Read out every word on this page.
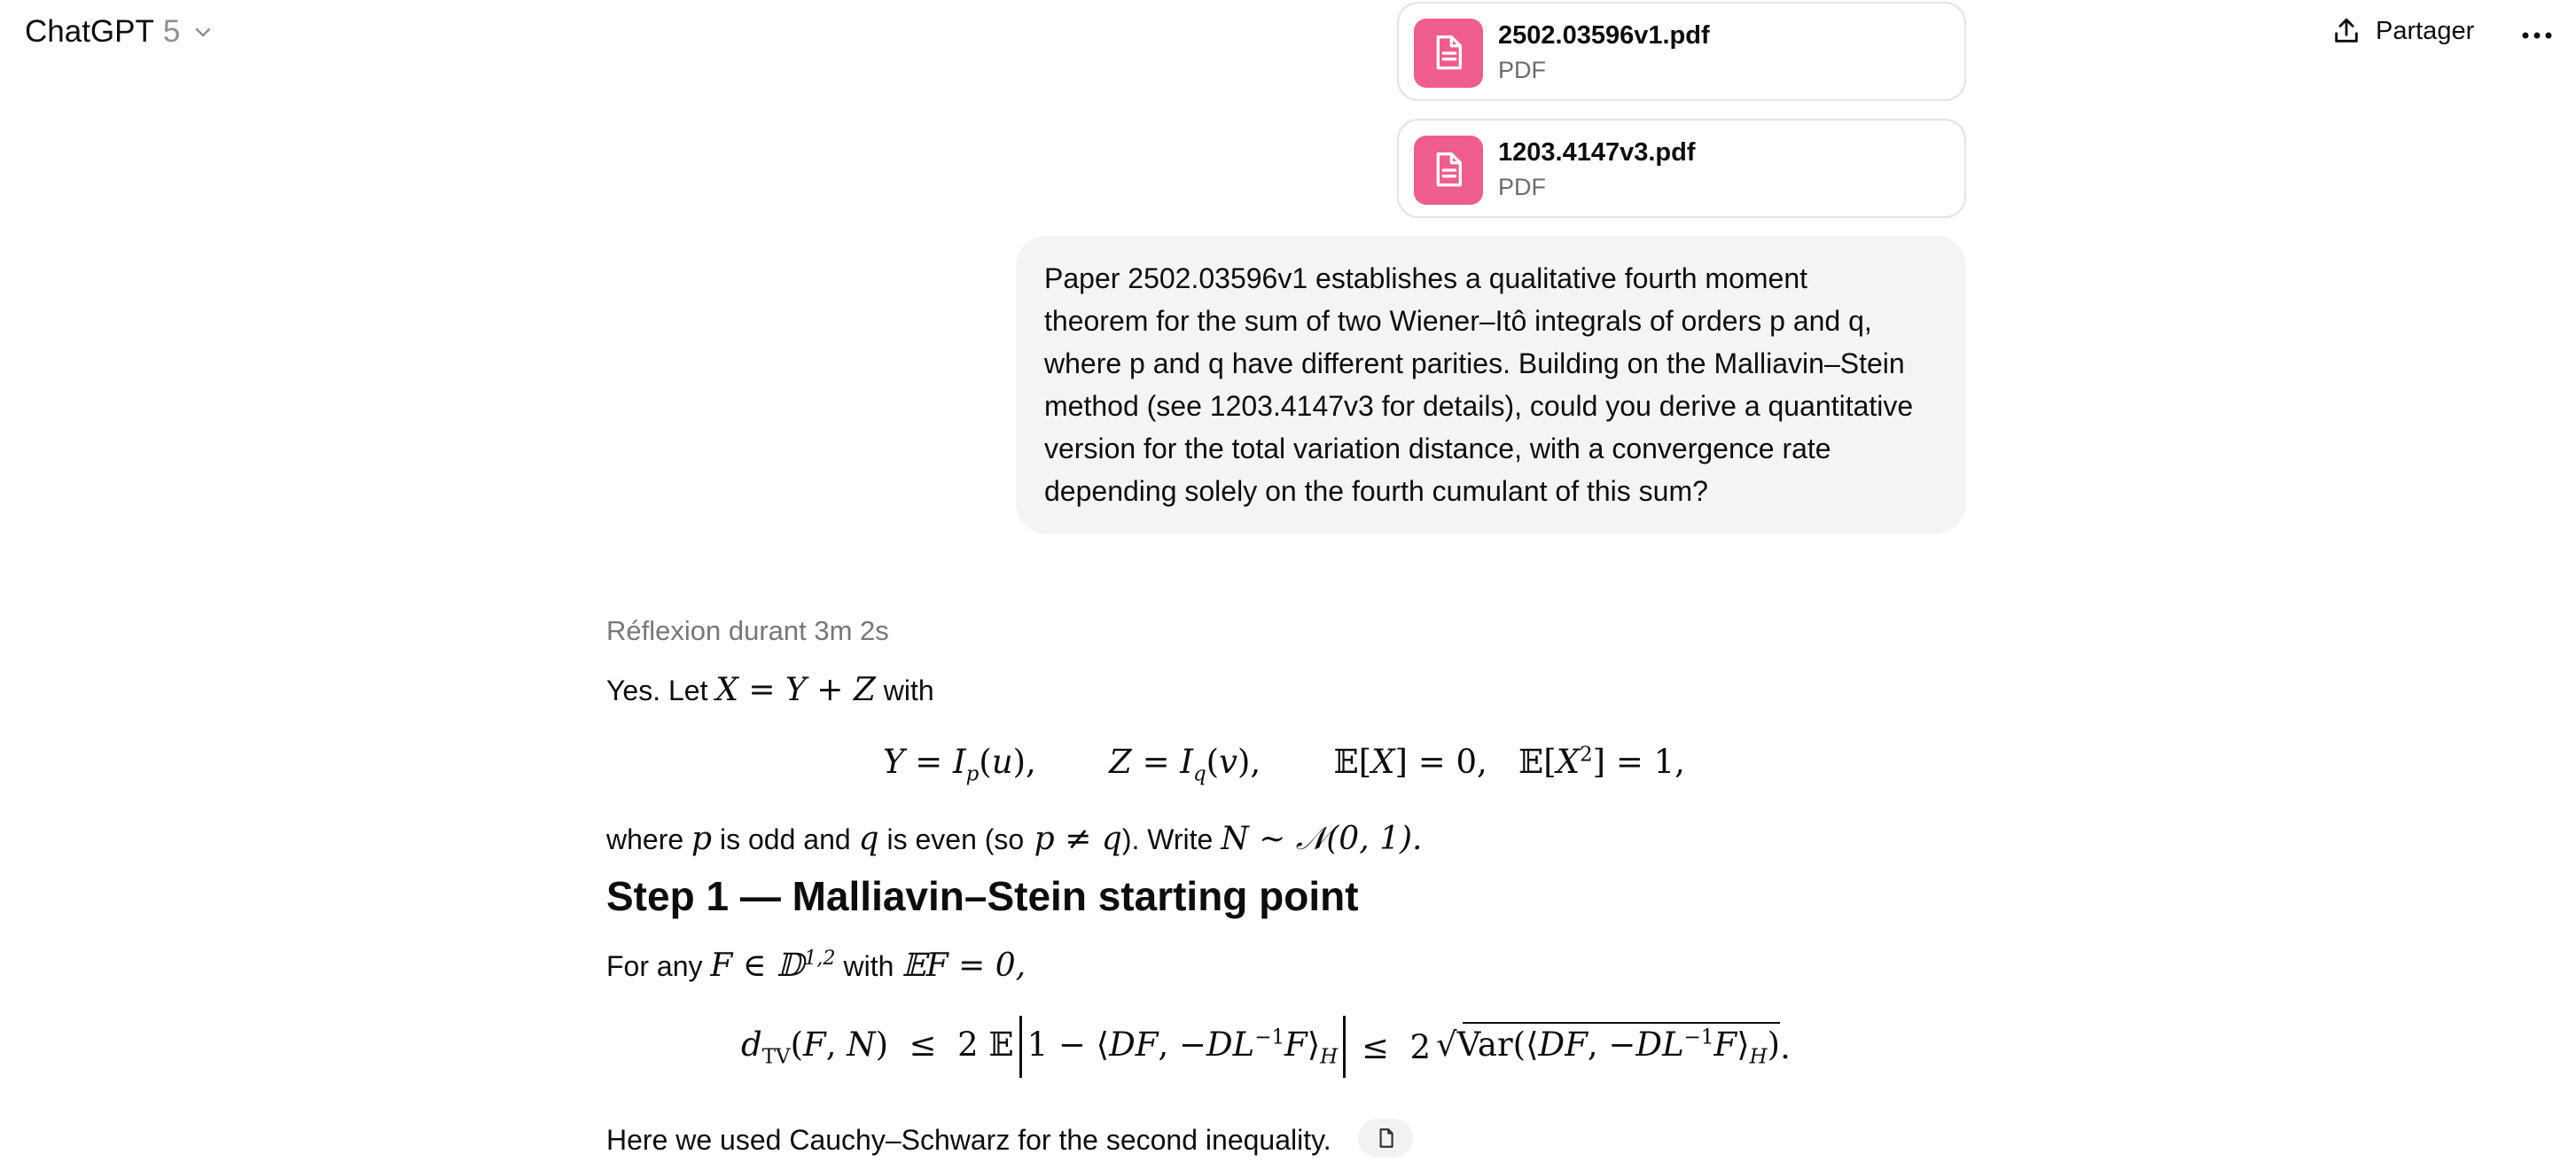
ChatGPT 5	Partager
2502.03596v1.pdf
PDF
1203.4147v3.pdf
PDF
Paper 2502.03596v1 establishes a qualitative fourth moment
theorem for the sum of two Wiener–Itô integrals of orders p and q,
where p and q have different parities. Building on the Malliavin–Stein
method (see 1203.4147v3 for details), could you derive a quantitative
version for the total variation distance, with a convergence rate
depending solely on the fourth cumulant of this sum?
Réflexion durant 3m 2s
Yes. Let X = Y + Z with
$Y = I_p(u)$,       $Z = I_q(v)$,       𝔼[X] = 0,   $𝔼[X^2] = 1$,
where p is odd and q is even (so p ≠ q). Write N ∼ 𝒩(0, 1).
Step 1 — Malliavin–Stein starting point
For any F ∈ 𝔻$^{1,2}$ with 𝔼F = 0,
$d_{TV}(F$, N)  ≤  2 𝔼 1 − ⟨DF, $-DL^{-1}F⟩_H \le 2$ √
Var(⟨DF, $-DL^{-1}F⟩_H$) .
Here we used Cauchy–Schwarz for the second inequality.
